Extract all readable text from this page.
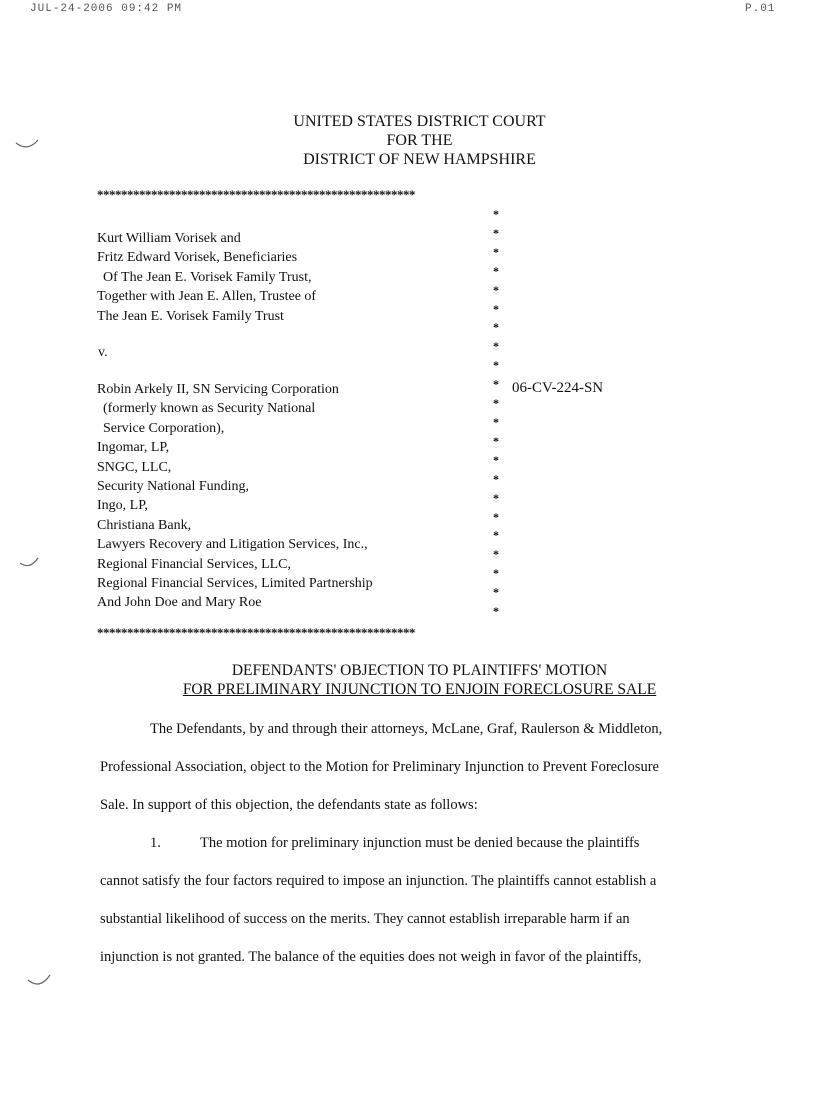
JUL-24-2006 09:42 PM	P.01
UNITED STATES DISTRICT COURT
FOR THE
DISTRICT OF NEW HAMPSHIRE
*****************************************************
*
*
*
*
*
*
*
*
*
*
*
*
*
*
*
*
*
*
*
*
*
*
Kurt William Vorisek and
Fritz Edward Vorisek, Beneficiaries
Of The Jean E. Vorisek Family Trust,
Together with Jean E. Allen, Trustee of
The Jean E. Vorisek Family Trust
v.
06-CV-224-SN
Robin Arkely II, SN Servicing Corporation
(formerly known as Security National
Service Corporation),
Ingomar, LP,
SNGC, LLC,
Security National Funding,
Ingo, LP,
Christiana Bank,
Lawyers Recovery and Litigation Services, Inc.,
Regional Financial Services, LLC,
Regional Financial Services, Limited Partnership
And John Doe and Mary Roe
*****************************************************
DEFENDANTS' OBJECTION TO PLAINTIFFS' MOTION
FOR PRELIMINARY INJUNCTION TO ENJOIN FORECLOSURE SALE
The Defendants, by and through their attorneys, McLane, Graf, Raulerson & Middleton,
Professional Association, object to the Motion for Preliminary Injunction to Prevent Foreclosure
Sale. In support of this objection, the defendants state as follows:
1.	The motion for preliminary injunction must be denied because the plaintiffs
cannot satisfy the four factors required to impose an injunction. The plaintiffs cannot establish a
substantial likelihood of success on the merits. They cannot establish irreparable harm if an
injunction is not granted. The balance of the equities does not weigh in favor of the plaintiffs,
